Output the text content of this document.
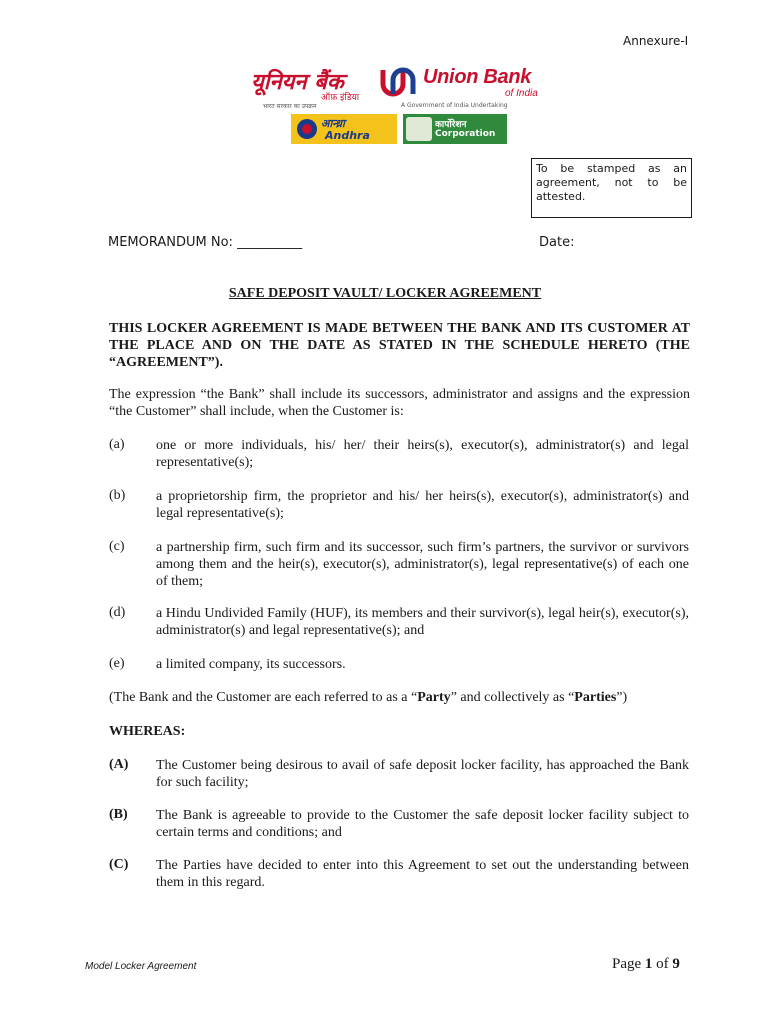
Annexure-I
यूनियन बैंक
ऑफ़ इंडिया
Union Bank
of India
भारत सरकार का उपक्रम	A Government of India Undertaking
आन्ध्रा
Andhra
कार्पोरेशन
Corporation
To be stamped as an agreement, not to be attested.
MEMORANDUM No: __________	Date:
SAFE DEPOSIT VAULT/ LOCKER AGREEMENT
THIS LOCKER AGREEMENT IS MADE BETWEEN THE BANK AND ITS CUSTOMER AT THE PLACE AND ON THE DATE AS STATED IN THE SCHEDULE HERETO (THE “AGREEMENT”).
The expression “the Bank” shall include its successors, administrator and assigns and the expression “the Customer” shall include, when the Customer is:
(a) one or more individuals, his/ her/ their heirs(s), executor(s), administrator(s) and legal representative(s);
(b) a proprietorship firm, the proprietor and his/ her heirs(s), executor(s), administrator(s) and legal representative(s);
(c) a partnership firm, such firm and its successor, such firm’s partners, the survivor or survivors among them and the heir(s), executor(s), administrator(s), legal representative(s) of each one of them;
(d) a Hindu Undivided Family (HUF), its members and their survivor(s), legal heir(s), executor(s), administrator(s) and legal representative(s); and
(e) a limited company, its successors.
(The Bank and the Customer are each referred to as a “Party” and collectively as “Parties”)
WHEREAS:
(A) The Customer being desirous to avail of safe deposit locker facility, has approached the Bank for such facility;
(B) The Bank is agreeable to provide to the Customer the safe deposit locker facility subject to certain terms and conditions; and
(C) The Parties have decided to enter into this Agreement to set out the understanding between them in this regard.
Model Locker Agreement	Page 1 of 9
